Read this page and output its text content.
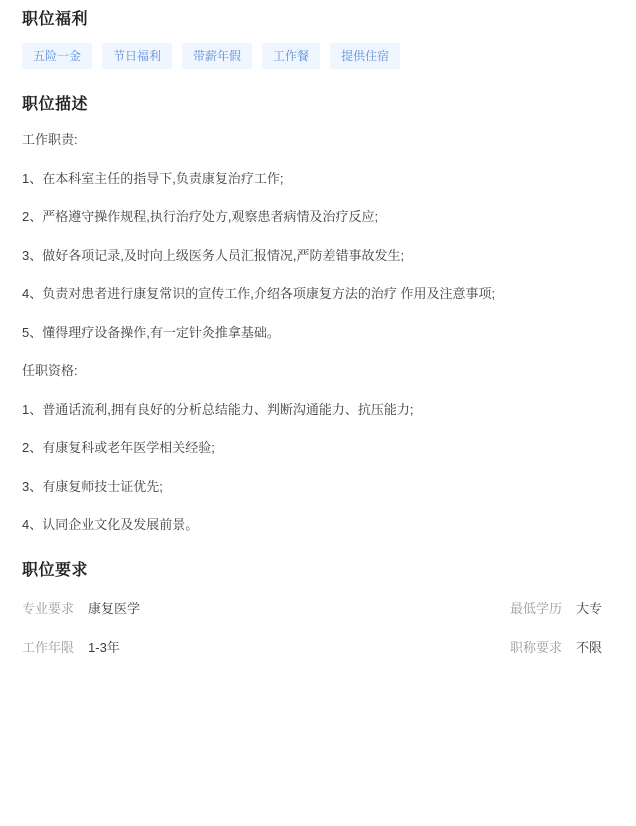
职位福利
五险一金	节日福利	带薪年假	工作餐	提供住宿
职位描述

工作职责:

1、在本科室主任的指导下,负责康复治疗工作;

2、严格遵守操作规程,执行治疗处方,观察患者病情及治疗反应;

3、做好各项记录,及时向上级医务人员汇报情况,严防差错事故发生;

4、负责对患者进行康复常识的宣传工作,介绍各项康复方法的治疗 作用及注意事项;

5、懂得理疗设备操作,有一定针灸推拿基础。

任职资格:

1、普通话流利,拥有良好的分析总结能力、判断沟通能力、抗压能力;

2、有康复科或老年医学相关经验;

3、有康复师技士证优先;

4、认同企业文化及发展前景。

职位要求
专业要求 康复医学	最低学历 大专
工作年限 1-3年	职称要求 不限
